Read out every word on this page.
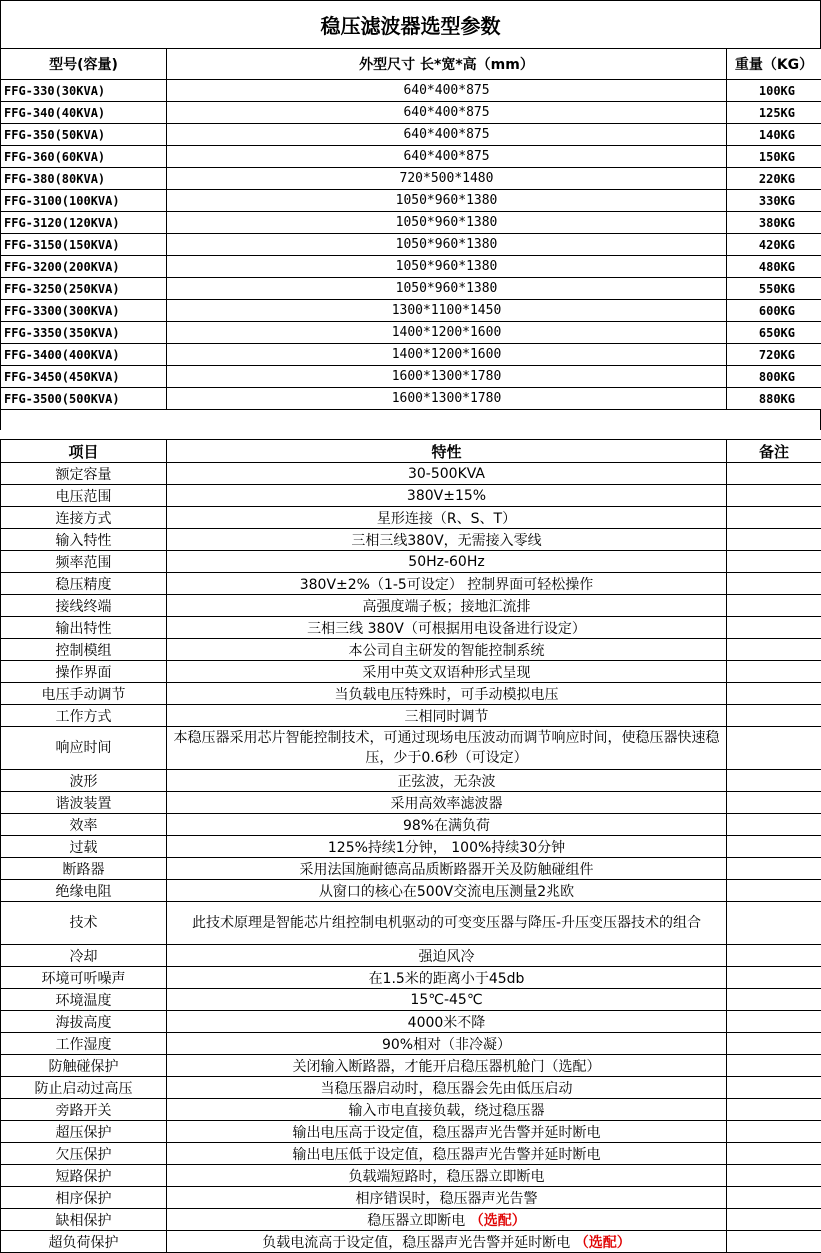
稳压滤波器选型参数
型号(容量)	外型尺寸 长*宽*高（mm）	重量（KG）
FFG-330(30KVA)	640*400*875	100KG
FFG-340(40KVA)	640*400*875	125KG
FFG-350(50KVA)	640*400*875	140KG
FFG-360(60KVA)	640*400*875	150KG
FFG-380(80KVA)	720*500*1480	220KG
FFG-3100(100KVA)	1050*960*1380	330KG
FFG-3120(120KVA)	1050*960*1380	380KG
FFG-3150(150KVA)	1050*960*1380	420KG
FFG-3200(200KVA)	1050*960*1380	480KG
FFG-3250(250KVA)	1050*960*1380	550KG
FFG-3300(300KVA)	1300*1100*1450	600KG
FFG-3350(350KVA)	1400*1200*1600	650KG
FFG-3400(400KVA)	1400*1200*1600	720KG
FFG-3450(450KVA)	1600*1300*1780	800KG
FFG-3500(500KVA)	1600*1300*1780	880KG
项目	特性	备注
额定容量	30-500KVA	
电压范围	380V±15%	
连接方式	星形连接（R、S、T）	
输入特性	三相三线380V，无需接入零线	
频率范围	50Hz-60Hz	
稳压精度	380V±2%（1-5可设定） 控制界面可轻松操作	
接线终端	高强度端子板；接地汇流排	
输出特性	三相三线 380V（可根据用电设备进行设定）	
控制模组	本公司自主研发的智能控制系统	
操作界面	采用中英文双语种形式呈现	
电压手动调节	当负载电压特殊时，可手动模拟电压	
工作方式	三相同时调节	
响应时间	本稳压器采用芯片智能控制技术，可通过现场电压波动而调节响应时间，使稳压器快速稳压，少于0.6秒（可设定）	
波形	正弦波，无杂波	
谐波装置	采用高效率滤波器	
效率	98%在满负荷	
过载	125%持续1分钟， 100%持续30分钟	
断路器	采用法国施耐德高品质断路器开关及防触碰组件	
绝缘电阻	从窗口的核心在500V交流电压测量2兆欧	
技术	此技术原理是智能芯片组控制电机驱动的可变变压器与降压-升压变压器技术的组合	
冷却	强迫风冷	
环境可听噪声	在1.5米的距离小于45db	
环境温度	15℃-45℃	
海拔高度	4000米不降	
工作湿度	90%相对（非冷凝）	
防触碰保护	关闭输入断路器，才能开启稳压器机舱门（选配）	
防止启动过高压	当稳压器启动时，稳压器会先由低压启动	
旁路开关	输入市电直接负载，绕过稳压器	
超压保护	输出电压高于设定值，稳压器声光告警并延时断电	
欠压保护	输出电压低于设定值，稳压器声光告警并延时断电	
短路保护	负载端短路时，稳压器立即断电	
相序保护	相序错误时，稳压器声光告警	
缺相保护	稳压器立即断电 （选配）	
超负荷保护	负载电流高于设定值，稳压器声光告警并延时断电 （选配）	
